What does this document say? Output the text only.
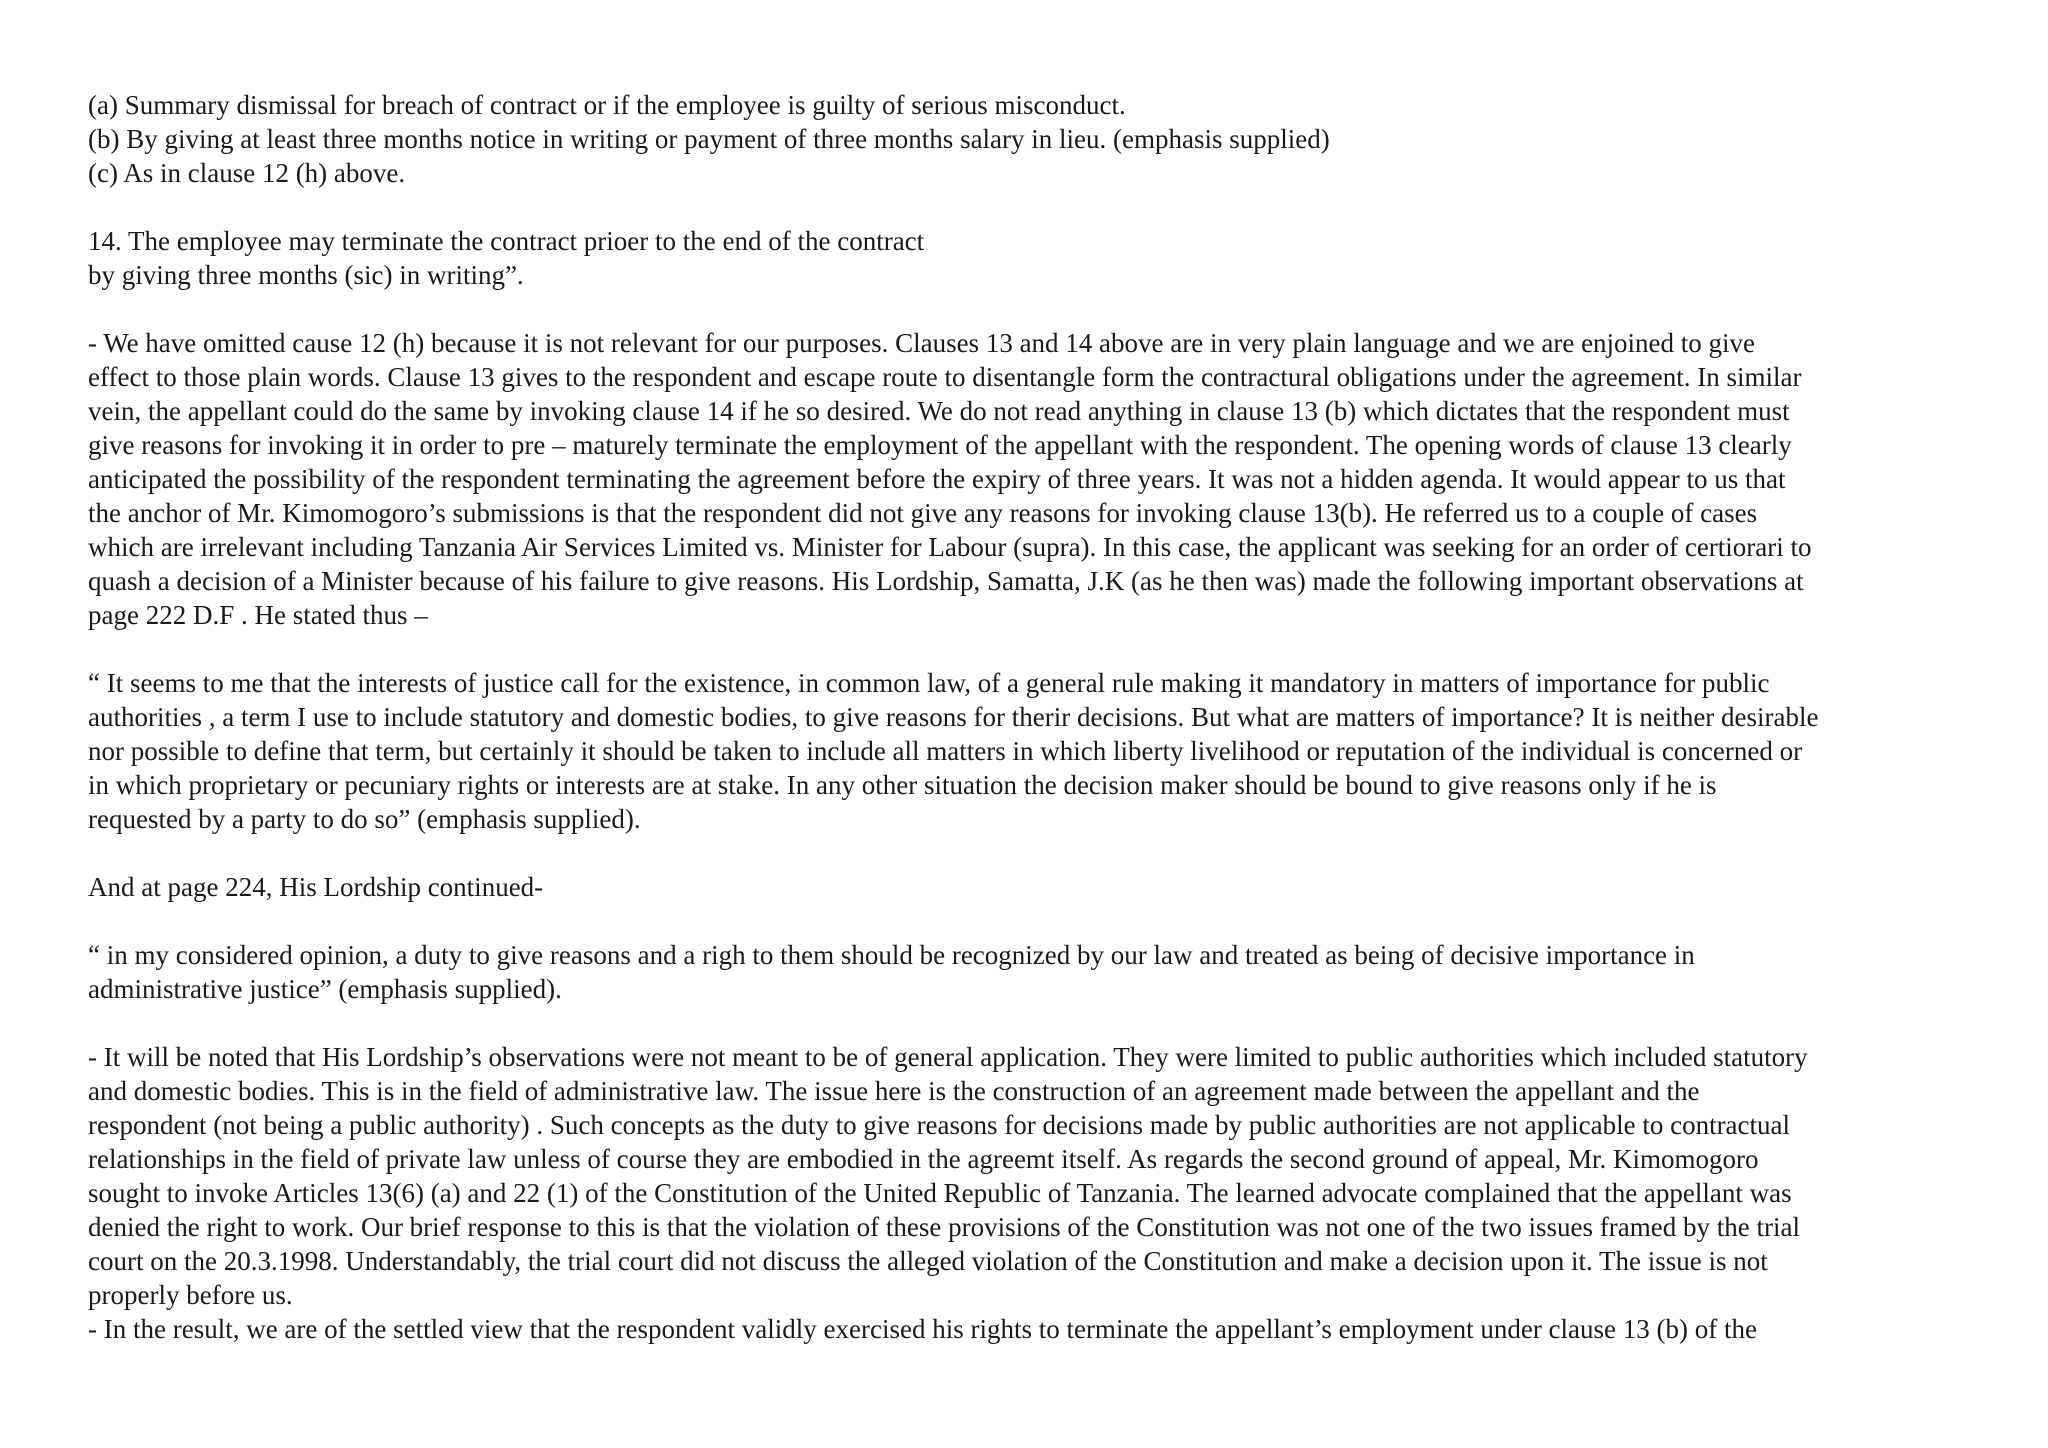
(a) Summary dismissal for breach of contract or if the employee is guilty of serious misconduct.
(b) By giving at least three months notice in writing or payment of three months salary in lieu. (emphasis supplied)
(c) As in clause 12 (h) above.
14. The employee may terminate the contract prioer to the end of the contract
by giving three months (sic) in writing”.
- We have omitted cause 12 (h) because it is not relevant for our purposes. Clauses 13 and 14 above are in very plain language and we are enjoined to give
effect to those plain words. Clause 13 gives to the respondent and escape route to disentangle form the contractural obligations under the agreement. In similar
vein, the appellant could do the same by invoking clause 14 if he so desired. We do not read anything in clause 13 (b) which dictates that the respondent must
give reasons for invoking it in order to pre – maturely terminate the employment of the appellant with the respondent. The opening words of clause 13 clearly
anticipated the possibility of the respondent terminating the agreement before the expiry of three years. It was not a hidden agenda. It would appear to us that
the anchor of Mr. Kimomogoro’s submissions is that the respondent did not give any reasons for invoking clause 13(b). He referred us to a couple of cases
which are irrelevant including Tanzania Air Services Limited vs. Minister for Labour (supra). In this case, the applicant was seeking for an order of certiorari to
quash a decision of a Minister because of his failure to give reasons. His Lordship, Samatta, J.K (as he then was) made the following important observations at
page 222 D.F . He stated thus –
“ It seems to me that the interests of justice call for the existence, in common law, of a general rule making it mandatory in matters of importance for public
authorities , a term I use to include statutory and domestic bodies, to give reasons for therir decisions. But what are matters of importance? It is neither desirable
nor possible to define that term, but certainly it should be taken to include all matters in which liberty livelihood or reputation of the individual is concerned or
in which proprietary or pecuniary rights or interests are at stake. In any other situation the decision maker should be bound to give reasons only if he is
requested by a party to do so” (emphasis supplied).
And at page 224, His Lordship continued-
“ in my considered opinion, a duty to give reasons and a righ to them should be recognized by our law and treated as being of decisive importance in
administrative justice” (emphasis supplied).
- It will be noted that His Lordship’s observations were not meant to be of general application. They were limited to public authorities which included statutory
and domestic bodies. This is in the field of administrative law. The issue here is the construction of an agreement made between the appellant and the
respondent (not being a public authority) . Such concepts as the duty to give reasons for decisions made by public authorities are not applicable to contractual
relationships in the field of private law unless of course they are embodied in the agreemt itself. As regards the second ground of appeal, Mr. Kimomogoro
sought to invoke Articles 13(6) (a) and 22 (1) of the Constitution of the United Republic of Tanzania. The learned advocate complained that the appellant was
denied the right to work. Our brief response to this is that the violation of these provisions of the Constitution was not one of the two issues framed by the trial
court on the 20.3.1998. Understandably, the trial court did not discuss the alleged violation of the Constitution and make a decision upon it. The issue is not
properly before us.
- In the result, we are of the settled view that the respondent validly exercised his rights to terminate the appellant’s employment under clause 13 (b) of the
